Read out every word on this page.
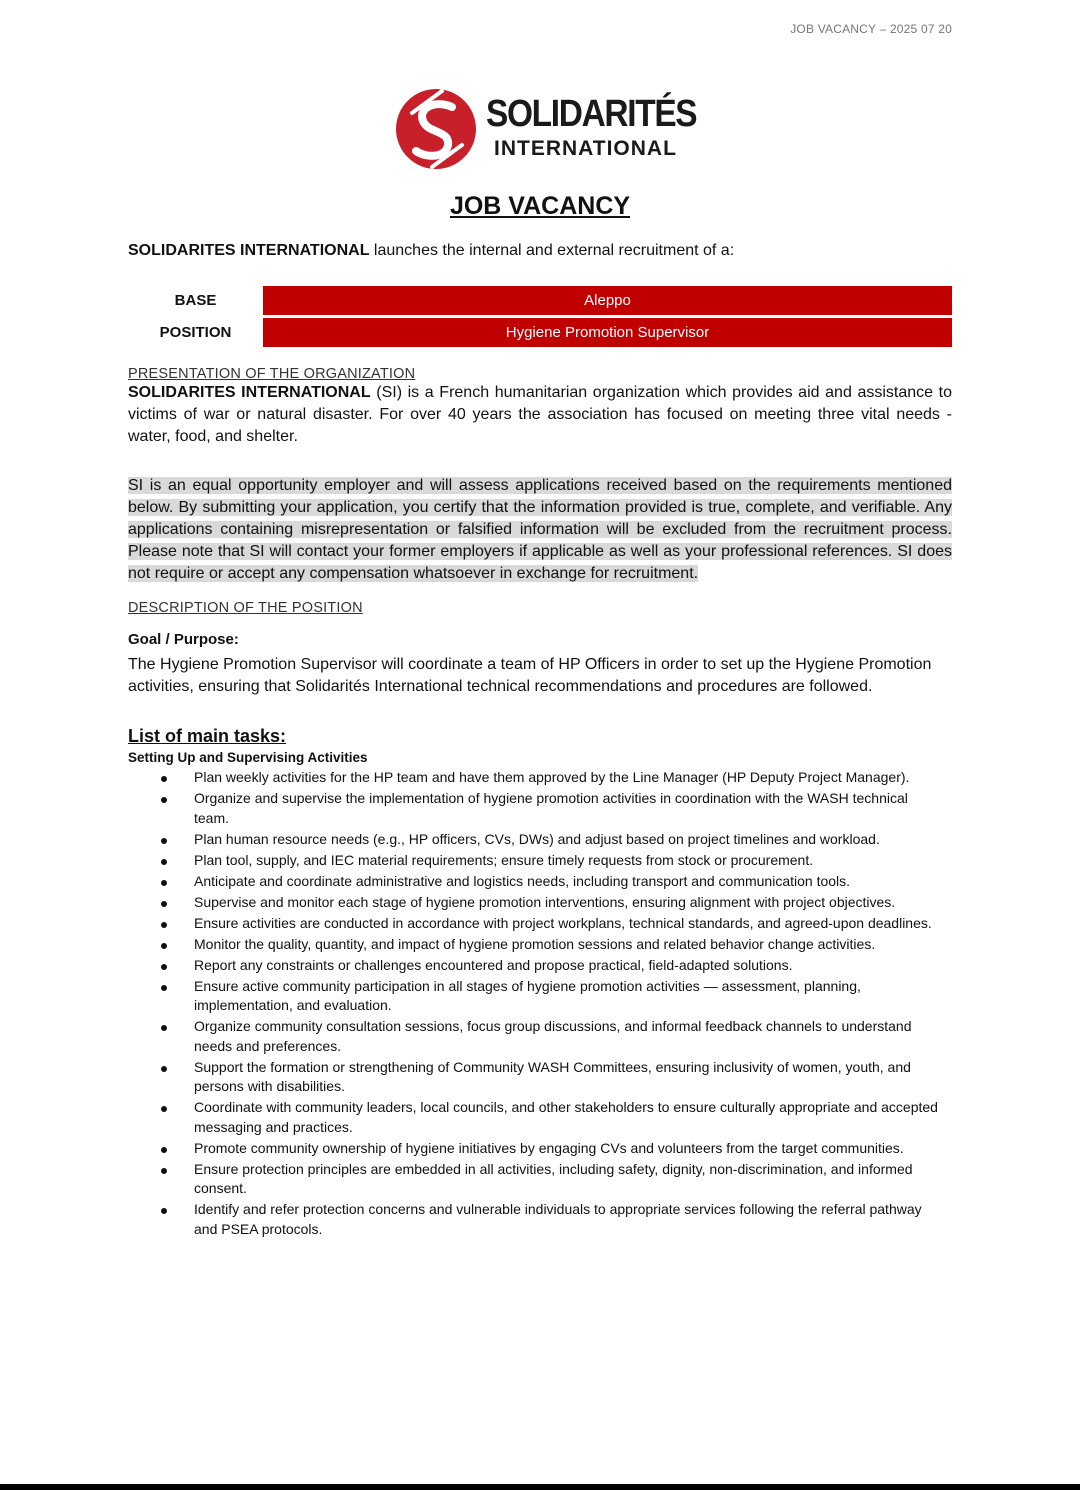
JOB VACANCY – 2025 07 20
SOLIDARITÉS
INTERNATIONAL
JOB VACANCY
SOLIDARITES INTERNATIONAL launches the internal and external recruitment of a:
BASE	Aleppo
POSITION	Hygiene Promotion Supervisor
PRESENTATION OF THE ORGANIZATION

SOLIDARITES INTERNATIONAL (SI) is a French humanitarian organization which provides aid and assistance to victims of war or natural disaster. For over 40 years the association has focused on meeting three vital needs - water, food, and shelter.

SI is an equal opportunity employer and will assess applications received based on the requirements mentioned below. By submitting your application, you certify that the information provided is true, complete, and verifiable. Any applications containing misrepresentation or falsified information will be excluded from the recruitment process. Please note that SI will contact your former employers if applicable as well as your professional references. SI does not require or accept any compensation whatsoever in exchange for recruitment.

DESCRIPTION OF THE POSITION
Goal / Purpose:

The Hygiene Promotion Supervisor will coordinate a team of HP Officers in order to set up the Hygiene Promotion activities, ensuring that Solidarités International technical recommendations and procedures are followed.

List of main tasks:
Setting Up and Supervising Activities
Plan weekly activities for the HP team and have them approved by the Line Manager (HP Deputy Project Manager).
Organize and supervise the implementation of hygiene promotion activities in coordination with the WASH technical team.
Plan human resource needs (e.g., HP officers, CVs, DWs) and adjust based on project timelines and workload.
Plan tool, supply, and IEC material requirements; ensure timely requests from stock or procurement.
Anticipate and coordinate administrative and logistics needs, including transport and communication tools.
Supervise and monitor each stage of hygiene promotion interventions, ensuring alignment with project objectives.
Ensure activities are conducted in accordance with project workplans, technical standards, and agreed-upon deadlines.
Monitor the quality, quantity, and impact of hygiene promotion sessions and related behavior change activities.
Report any constraints or challenges encountered and propose practical, field-adapted solutions.
Ensure active community participation in all stages of hygiene promotion activities — assessment, planning, implementation, and evaluation.
Organize community consultation sessions, focus group discussions, and informal feedback channels to understand needs and preferences.
Support the formation or strengthening of Community WASH Committees, ensuring inclusivity of women, youth, and persons with disabilities.
Coordinate with community leaders, local councils, and other stakeholders to ensure culturally appropriate and accepted messaging and practices.
Promote community ownership of hygiene initiatives by engaging CVs and volunteers from the target communities.
Ensure protection principles are embedded in all activities, including safety, dignity, non-discrimination, and informed consent.
Identify and refer protection concerns and vulnerable individuals to appropriate services following the referral pathway and PSEA protocols.
